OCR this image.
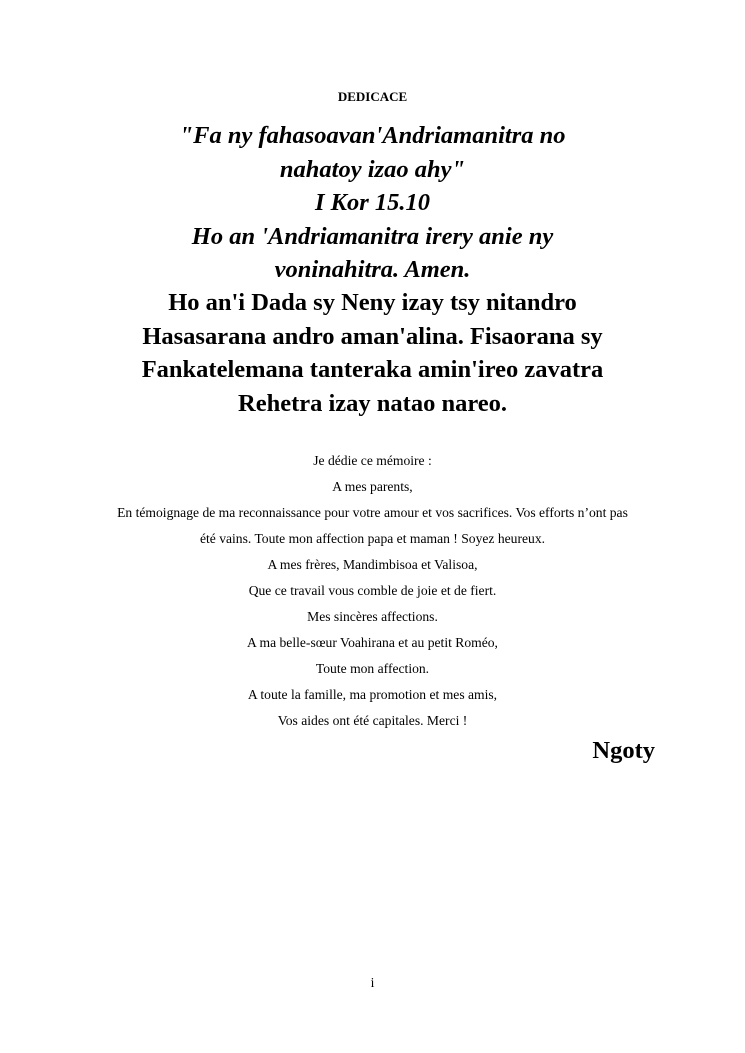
DEDICACE
"Fa ny fahasoavan'Andriamanitra no
nahatoy izao ahy"
I Kor 15.10
Ho an 'Andriamanitra irery anie ny
voninahitra. Amen.
Ho an'i Dada sy Neny izay tsy nitandro
Hasasarana andro aman'alina. Fisaorana sy
Fankatelemana tanteraka amin'ireo zavatra
Rehetra izay natao nareo.
Je dédie ce mémoire :
A mes parents,
En témoignage de ma reconnaissance pour votre amour et vos sacrifices. Vos efforts n’ont pas
été vains. Toute mon affection papa et maman ! Soyez heureux.
A mes frères, Mandimbisoa et Valisoa,
Que ce travail vous comble de joie et de fiert.
Mes sincères affections.
A ma belle-sœur Voahirana et au petit Roméo,
Toute mon affection.
A toute la famille, ma promotion et mes amis,
Vos aides ont été capitales. Merci !
Ngoty
i
